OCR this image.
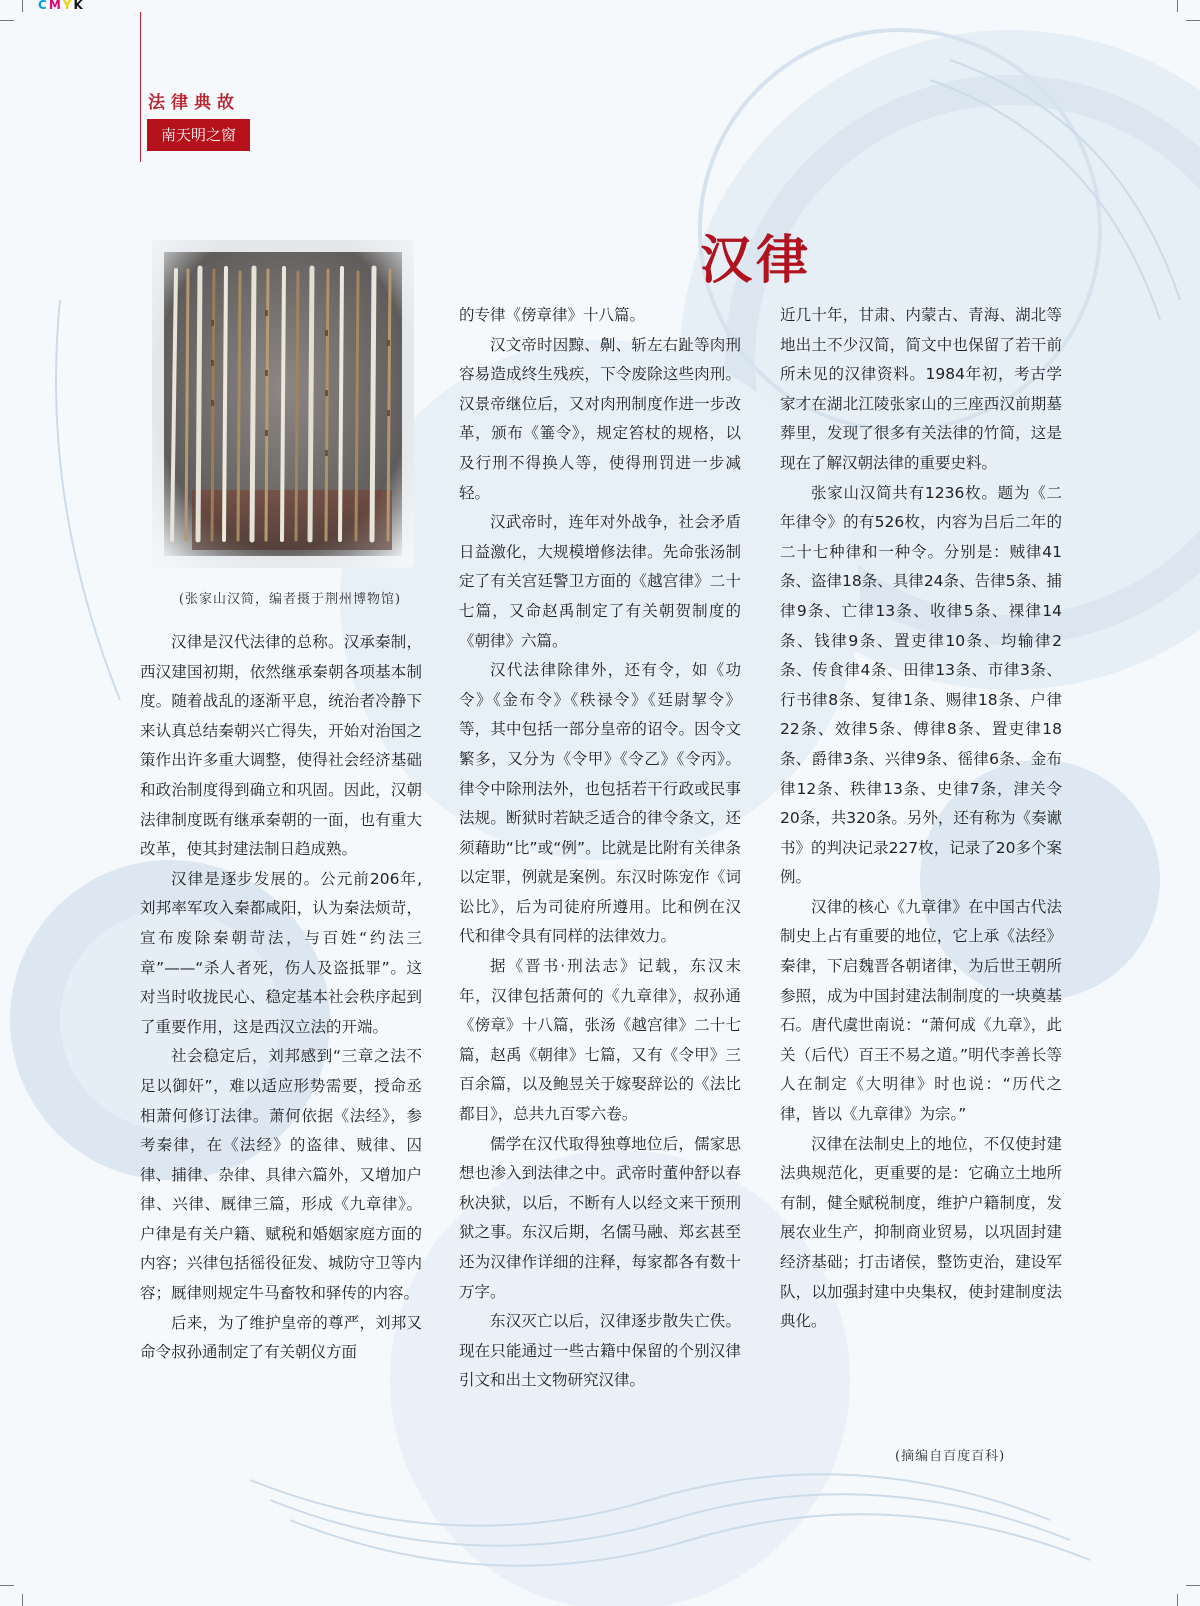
CMYK
法律典故
南天明之窗
汉律
(张家山汉简，编者摄于荆州博物馆)

汉律是汉代法律的总称。汉承秦制，西汉建国初期，依然继承秦朝各项基本制度。随着战乱的逐渐平息，统治者冷静下来认真总结秦朝兴亡得失，开始对治国之策作出许多重大调整，使得社会经济基础和政治制度得到确立和巩固。因此，汉朝法律制度既有继承秦朝的一面，也有重大改革，使其封建法制日趋成熟。

汉律是逐步发展的。公元前206年,刘邦率军攻入秦都咸阳，认为秦法烦苛，宣布废除秦朝苛法，与百姓“约法三章”——“杀人者死，伤人及盗抵罪”。这对当时收拢民心、稳定基本社会秩序起到了重要作用，这是西汉立法的开端。

社会稳定后，刘邦感到“三章之法不足以御奸”，难以适应形势需要，授命丞相萧何修订法律。萧何依据《法经》，参考秦律，在《法经》的盗律、贼律、囚律、捕律、杂律、具律六篇外，又增加户律、兴律、厩律三篇，形成《九章律》。户律是有关户籍、赋税和婚姻家庭方面的内容；兴律包括徭役征发、城防守卫等内容；厩律则规定牛马畜牧和驿传的内容。

后来，为了维护皇帝的尊严，刘邦又命令叔孙通制定了有关朝仪方面

的专律《傍章律》十八篇。

汉文帝时因黥、劓、斩左右趾等肉刑容易造成终生残疾，下令废除这些肉刑。汉景帝继位后，又对肉刑制度作进一步改革，颁布《箠令》，规定笞杖的规格，以及行刑不得换人等，使得刑罚进一步减轻。

汉武帝时，连年对外战争，社会矛盾日益激化，大规模增修法律。先命张汤制定了有关宫廷警卫方面的《越宫律》二十七篇，又命赵禹制定了有关朝贺制度的《朝律》六篇。

汉代法律除律外，还有令，如《功令》《金布令》《秩禄令》《廷尉挈令》等，其中包括一部分皇帝的诏令。因令文繁多，又分为《令甲》《令乙》《令丙》。律令中除刑法外，也包括若干行政或民事法规。断狱时若缺乏适合的律令条文，还须藉助“比”或“例”。比就是比附有关律条以定罪，例就是案例。东汉时陈宠作《词讼比》，后为司徒府所遵用。比和例在汉代和律令具有同样的法律效力。

据《晋书·刑法志》记载，东汉末年，汉律包括萧何的《九章律》，叔孙通《傍章》十八篇，张汤《越宫律》二十七篇，赵禹《朝律》七篇，又有《令甲》三百余篇，以及鲍昱关于嫁娶辞讼的《法比都目》，总共九百零六卷。

儒学在汉代取得独尊地位后，儒家思想也渗入到法律之中。武帝时董仲舒以春秋决狱，以后，不断有人以经文来干预刑狱之事。东汉后期，名儒马融、郑玄甚至还为汉律作详细的注释，每家都各有数十万字。

东汉灭亡以后，汉律逐步散失亡佚。现在只能通过一些古籍中保留的个别汉律引文和出土文物研究汉律。

近几十年，甘肃、内蒙古、青海、湖北等地出土不少汉简，简文中也保留了若干前所未见的汉律资料。1984年初，考古学家才在湖北江陵张家山的三座西汉前期墓葬里，发现了很多有关法律的竹简，这是现在了解汉朝法律的重要史料。

张家山汉简共有1236枚。题为《二年律令》的有526枚，内容为吕后二年的二十七种律和一种令。分别是：贼律41条、盗律18条、具律24条、告律5条、捕律9条、亡律13条、收律5条、裸律14条、钱律9条、置吏律10条、均输律2条、传食律4条、田律13条、市律3条、行书律8条、复律1条、赐律18条、户律22条、效律5条、傅律8条、置吏律18条、爵律3条、兴律9条、徭律6条、金布律12条、秩律13条、史律7条，津关令20条，共320条。另外，还有称为《奏谳书》的判决记录227枚，记录了20多个案例。

汉律的核心《九章律》在中国古代法制史上占有重要的地位，它上承《法经》秦律，下启魏晋各朝诸律，为后世王朝所参照，成为中国封建法制制度的一块奠基石。唐代虞世南说：“萧何成《九章》，此关（后代）百王不易之道。”明代李善长等人在制定《大明律》时也说：“历代之律，皆以《九章律》为宗。”

汉律在法制史上的地位，不仅使封建法典规范化，更重要的是：它确立土地所有制，健全赋税制度，维护户籍制度，发展农业生产，抑制商业贸易，以巩固封建经济基础；打击诸侯，整饬吏治，建设军队，以加强封建中央集权，使封建制度法典化。

(摘编自百度百科)
